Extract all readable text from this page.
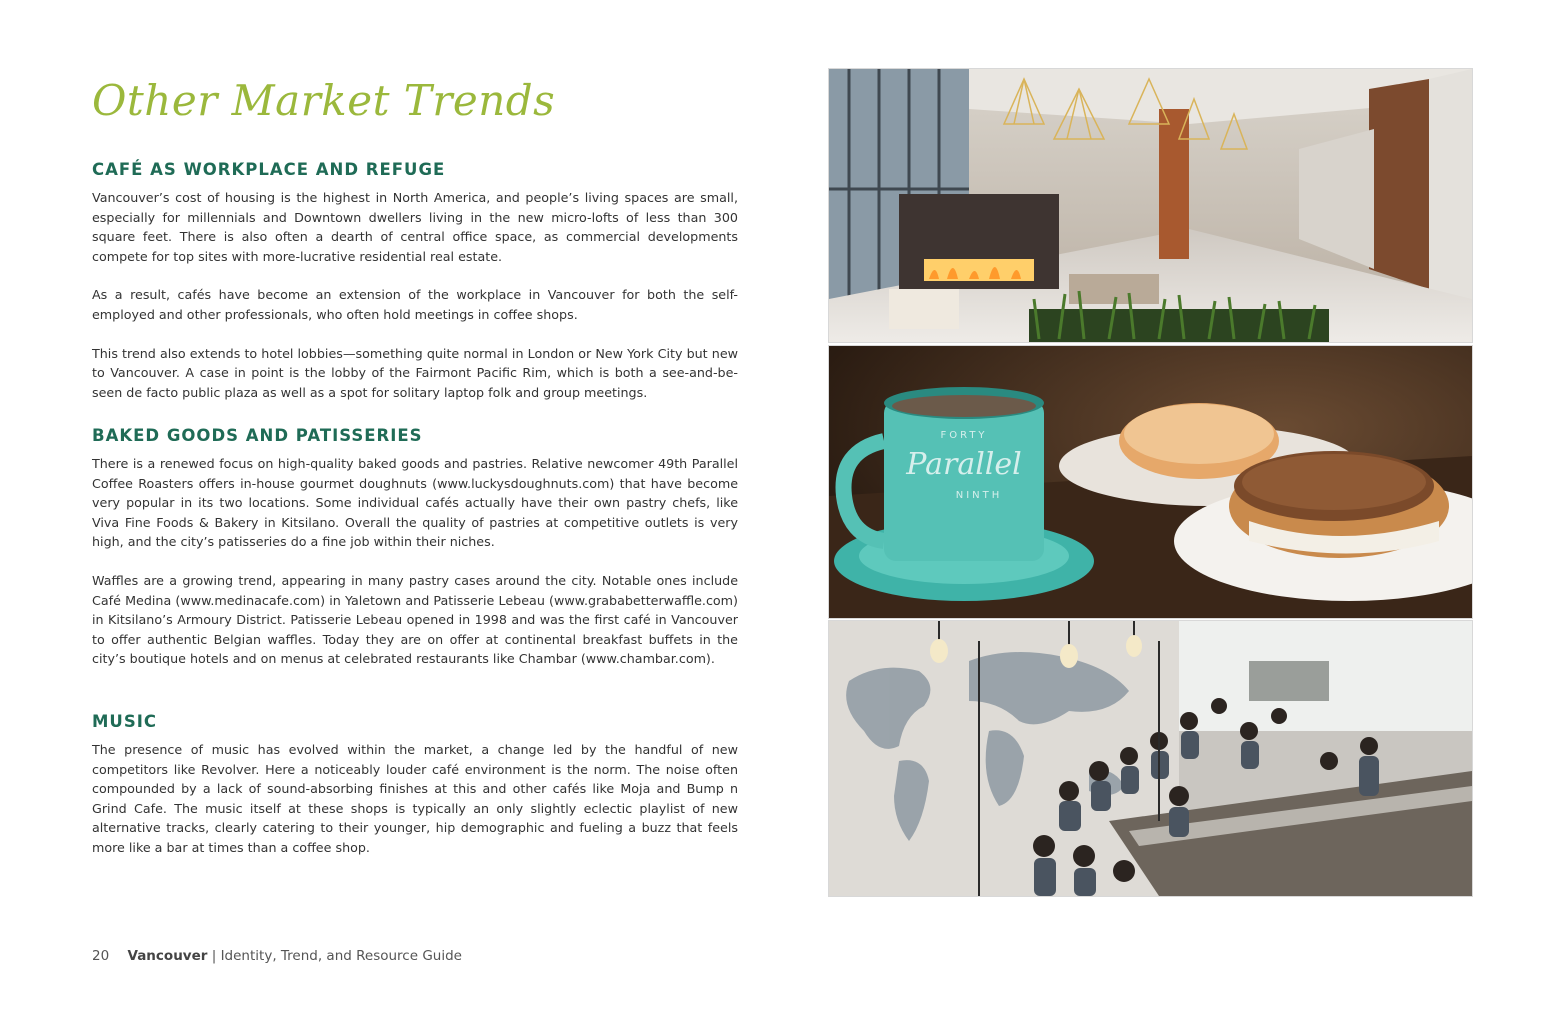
Other Market Trends
CAFÉ AS WORKPLACE AND REFUGE

Vancouver’s cost of housing is the highest in North America, and people’s living spaces are small, especially for millennials and Downtown dwellers living in the new micro-lofts of less than 300 square feet. There is also often a dearth of central office space, as commercial developments compete for top sites with more-lucrative residential real estate.

As a result, cafés have become an extension of the workplace in Vancouver for both the self-employed and other professionals, who often hold meetings in coffee shops.

This trend also extends to hotel lobbies—something quite normal in London or New York City but new to Vancouver. A case in point is the lobby of the Fairmont Pacific Rim, which is both a see-and-be-seen de facto public plaza as well as a spot for solitary laptop folk and group meetings.

BAKED GOODS AND PATISSERIES

There is a renewed focus on high-quality baked goods and pastries. Relative newcomer 49th Parallel Coffee Roasters offers in-house gourmet doughnuts (www.luckysdoughnuts.com) that have become very popular in its two locations. Some individual cafés actually have their own pastry chefs, like Viva Fine Foods & Bakery in Kitsilano. Overall the quality of pastries at competitive outlets is very high, and the city’s patisseries do a fine job within their niches.

Waffles are a growing trend, appearing in many pastry cases around the city. Notable ones include Café Medina (www.medinacafe.com) in Yaletown and Patisserie Lebeau (www.grababetterwaffle.com) in Kitsilano’s Armoury District. Patisserie Lebeau opened in 1998 and was the first café in Vancouver to offer authentic Belgian waffles. Today they are on offer at continental breakfast buffets in the city’s boutique hotels and on menus at celebrated restaurants like Chambar (www.chambar.com).

MUSIC

The presence of music has evolved within the market, a change led by the handful of new competitors like Revolver. Here a noticeably louder café environment is the norm. The noise often compounded by a lack of sound-absorbing finishes at this and other cafés like Moja and Bump n Grind Cafe. The music itself at these shops is typically an only slightly eclectic playlist of new alternative tracks, clearly catering to their younger, hip demographic and fueling a buzz that feels more like a bar at times than a coffee shop.

20 Vancouver | Identity, Trend, and Resource Guide
FORTY
Parallel
NINTH
